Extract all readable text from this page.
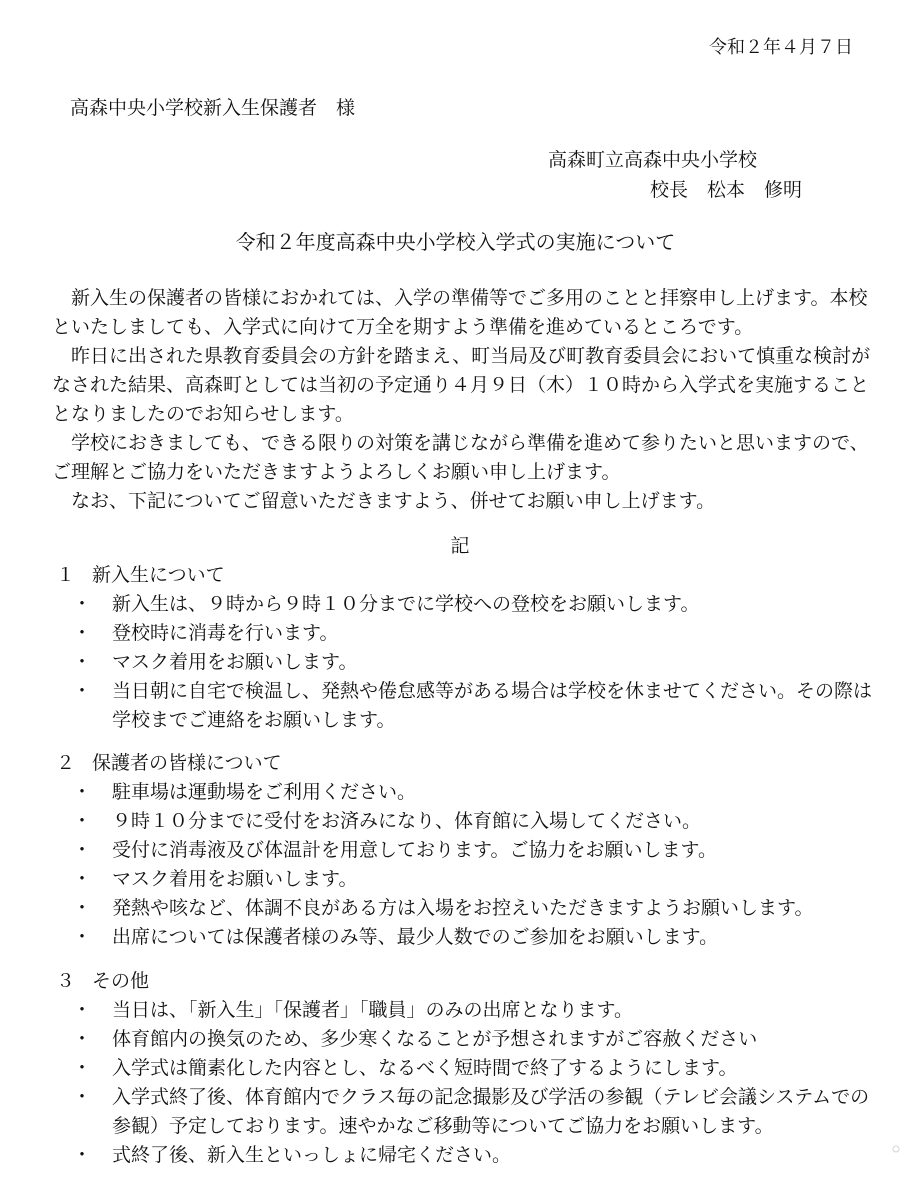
令和２年４月７日
高森中央小学校新入生保護者　様
高森町立高森中央小学校
校長　松本　修明
令和２年度高森中央小学校入学式の実施について
新入生の保護者の皆様におかれては、入学の準備等でご多用のことと拝察申し上げます。本校といたしましても、入学式に向けて万全を期すよう準備を進めているところです。
昨日に出された県教育委員会の方針を踏まえ、町当局及び町教育委員会において慎重な検討がなされた結果、高森町としては当初の予定通り４月９日（木）１０時から入学式を実施することとなりましたのでお知らせします。
学校におきましても、できる限りの対策を講じながら準備を進めて参りたいと思いますので、ご理解とご協力をいただきますようよろしくお願い申し上げます。
なお、下記についてご留意いただきますよう、併せてお願い申し上げます。
記
１ 新入生について
・ 新入生は、９時から９時１０分までに学校への登校をお願いします。
・ 登校時に消毒を行います。
・ マスク着用をお願いします。
・ 当日朝に自宅で検温し、発熱や倦怠感等がある場合は学校を休ませてください。その際は学校までご連絡をお願いします。
２ 保護者の皆様について
・ 駐車場は運動場をご利用ください。
・ ９時１０分までに受付をお済みになり、体育館に入場してください。
・ 受付に消毒液及び体温計を用意しております。ご協力をお願いします。
・ マスク着用をお願いします。
・ 発熱や咳など、体調不良がある方は入場をお控えいただきますようお願いします。
・ 出席については保護者様のみ等、最少人数でのご参加をお願いします。
３ その他
・ 当日は、「新入生」「保護者」「職員」のみの出席となります。
・ 体育館内の換気のため、多少寒くなることが予想されますがご容赦ください
・ 入学式は簡素化した内容とし、なるべく短時間で終了するようにします。
・ 入学式終了後、体育館内でクラス毎の記念撮影及び学活の参観（テレビ会議システムでの参観）予定しております。速やかなご移動等についてご協力をお願いします。
・ 式終了後、新入生といっしょに帰宅ください。
